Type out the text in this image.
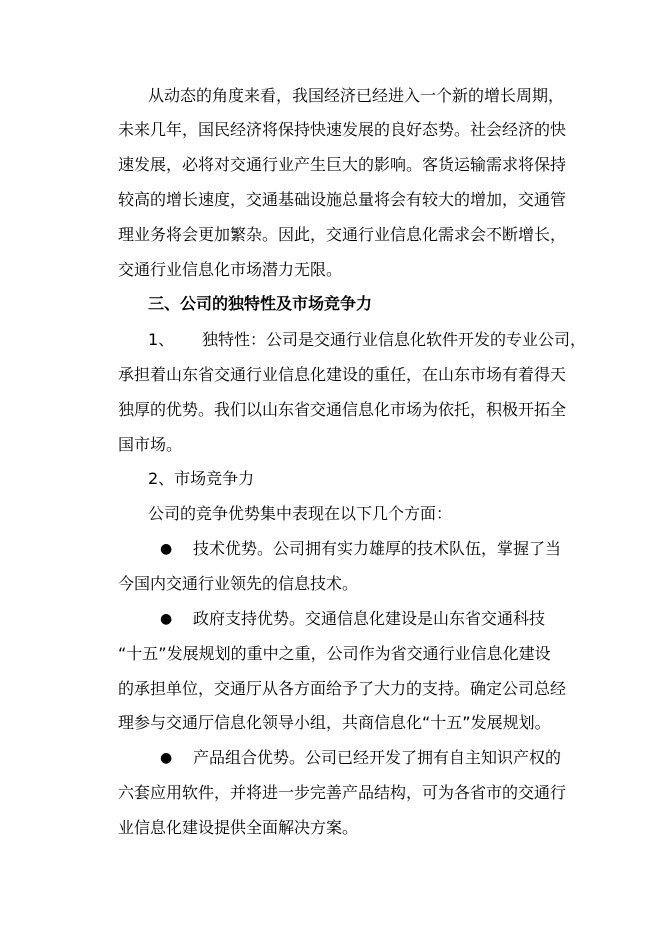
从动态的角度来看，我国经济已经进入一个新的增长周期，
未来几年，国民经济将保持快速发展的良好态势。社会经济的快
速发展，必将对交通行业产生巨大的影响。客货运输需求将保持
较高的增长速度，交通基础设施总量将会有较大的增加，交通管
理业务将会更加繁杂。因此，交通行业信息化需求会不断增长，
交通行业信息化市场潜力无限。
三、公司的独特性及市场竞争力
1、 独特性：公司是交通行业信息化软件开发的专业公司，
承担着山东省交通行业信息化建设的重任，在山东市场有着得天
独厚的优势。我们以山东省交通信息化市场为依托，积极开拓全
国市场。
2、市场竞争力
公司的竞争优势集中表现在以下几个方面：
● 技术优势。公司拥有实力雄厚的技术队伍，掌握了当
今国内交通行业领先的信息技术。
● 政府支持优势。交通信息化建设是山东省交通科技
“十五”发展规划的重中之重，公司作为省交通行业信息化建设
的承担单位，交通厅从各方面给予了大力的支持。确定公司总经
理参与交通厅信息化领导小组，共商信息化“十五”发展规划。
● 产品组合优势。公司已经开发了拥有自主知识产权的
六套应用软件，并将进一步完善产品结构，可为各省市的交通行
业信息化建设提供全面解决方案。
